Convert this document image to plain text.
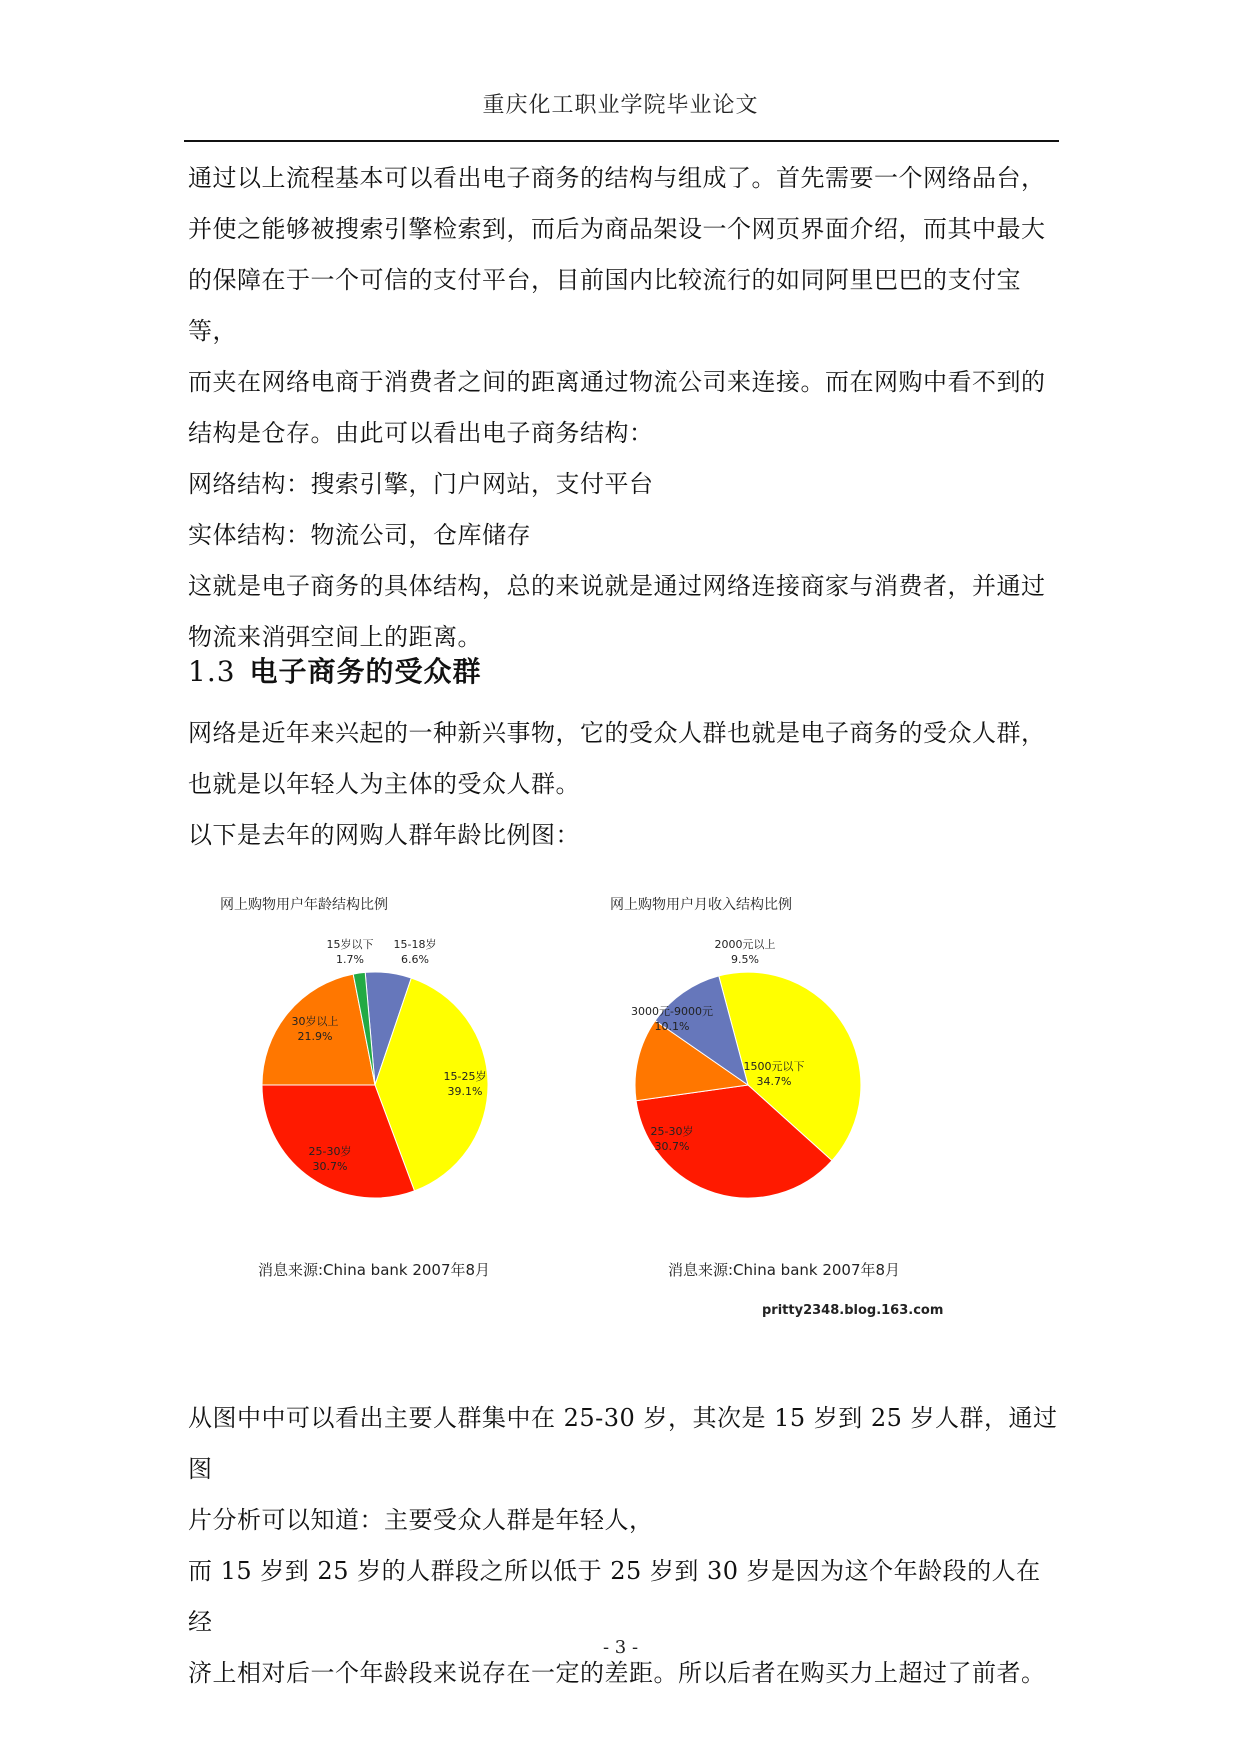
重庆化工职业学院毕业论文

通过以上流程基本可以看出电子商务的结构与组成了。首先需要一个网络品台，

并使之能够被搜索引擎检索到，而后为商品架设一个网页界面介绍，而其中最大

的保障在于一个可信的支付平台，目前国内比较流行的如同阿里巴巴的支付宝等，

而夹在网络电商于消费者之间的距离通过物流公司来连接。而在网购中看不到的

结构是仓存。由此可以看出电子商务结构：

网络结构：搜索引擎，门户网站，支付平台

实体结构：物流公司，仓库储存

这就是电子商务的具体结构，总的来说就是通过网络连接商家与消费者，并通过

物流来消弭空间上的距离。

1.3 电子商务的受众群

网络是近年来兴起的一种新兴事物，它的受众人群也就是电子商务的受众人群，

也就是以年轻人为主体的受众人群。

以下是去年的网购人群年龄比例图：

网上购物用户年龄结构比例
15-18岁
6.6%
15-25岁
39.1%
25-30岁
30.7%
30岁以上
21.9%
15岁以下
1.7%
消息来源:China bank 2007年8月
网上购物用户月收入结构比例
1500元以下
34.7%
25-30岁
30.7%
3000元-9000元
10.1%
2000元以上
9.5%
消息来源:China bank 2007年8月
pritty2348.blog.163.com

从图中中可以看出主要人群集中在 25-30 岁，其次是 15 岁到 25 岁人群，通过图

片分析可以知道：主要受众人群是年轻人，

而 15 岁到 25 岁的人群段之所以低于 25 岁到 30 岁是因为这个年龄段的人在经

济上相对后一个年龄段来说存在一定的差距。所以后者在购买力上超过了前者。

- 3 -
